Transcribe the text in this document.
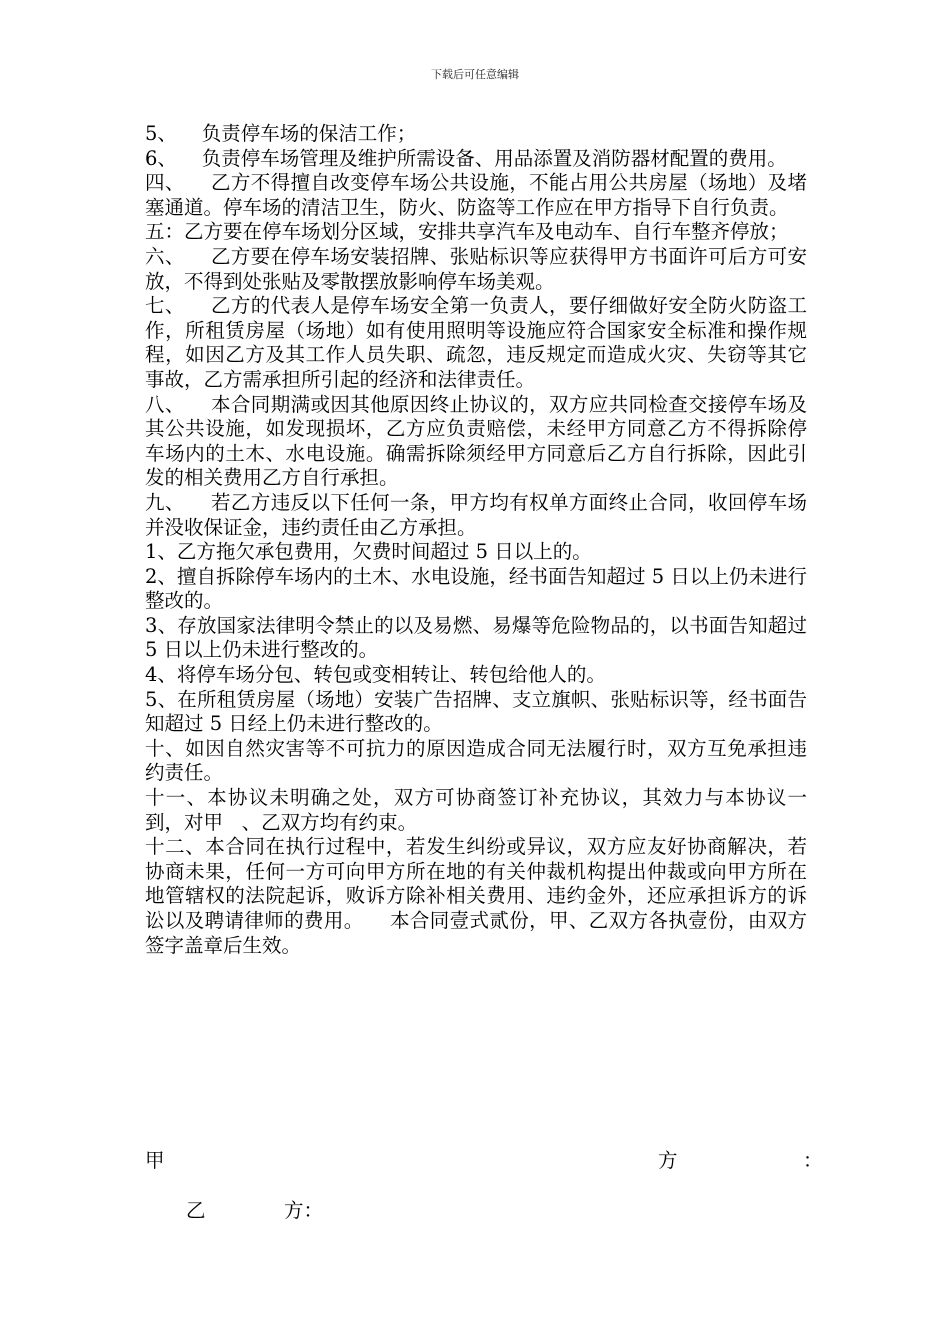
下载后可任意编辑

5、    负责停车场的保洁工作；

6、    负责停车场管理及维护所需设备、用品添置及消防器材配置的费用。

四、    乙方不得擅自改变停车场公共设施，不能占用公共房屋（场地）及堵塞通道。停车场的清洁卫生，防火、防盗等工作应在甲方指导下自行负责。

五：乙方要在停车场划分区域，安排共享汽车及电动车、自行车整齐停放；

六、    乙方要在停车场安装招牌、张贴标识等应获得甲方书面许可后方可安放，不得到处张贴及零散摆放影响停车场美观。

七、    乙方的代表人是停车场安全第一负责人，要仔细做好安全防火防盗工作，所租赁房屋（场地）如有使用照明等设施应符合国家安全标准和操作规程，如因乙方及其工作人员失职、疏忽，违反规定而造成火灾、失窃等其它事故，乙方需承担所引起的经济和法律责任。

八、    本合同期满或因其他原因终止协议的，双方应共同检查交接停车场及其公共设施，如发现损坏，乙方应负责赔偿，未经甲方同意乙方不得拆除停车场内的土木、水电设施。确需拆除须经甲方同意后乙方自行拆除，因此引发的相关费用乙方自行承担。

九、    若乙方违反以下任何一条，甲方均有权单方面终止合同，收回停车场并没收保证金，违约责任由乙方承担。

1、乙方拖欠承包费用，欠费时间超过 5 日以上的。

2、擅自拆除停车场内的土木、水电设施，经书面告知超过 5 日以上仍未进行整改的。

3、存放国家法律明令禁止的以及易燃、易爆等危险物品的，以书面告知超过 5 日以上仍未进行整改的。

4、将停车场分包、转包或变相转让、转包给他人的。

5、在所租赁房屋（场地）安装广告招牌、支立旗帜、张贴标识等，经书面告知超过 5 日经上仍未进行整改的。

十、如因自然灾害等不可抗力的原因造成合同无法履行时，双方互免承担违约责任。

十一、本协议未明确之处，双方可协商签订补充协议，其效力与本协议一到，对甲   、乙双方均有约束。

十二、本合同在执行过程中，若发生纠纷或异议，双方应友好协商解决，若协商未果，任何一方可向甲方所在地的有关仲裁机构提出仲裁或向甲方所在地管辖权的法院起诉，败诉方除补相关费用、违约金外，还应承担诉方的诉讼以及聘请律师的费用。    本合同壹式贰份，甲、乙双方各执壹份，由双方签字盖章后生效。

甲	方	：
乙	方：
